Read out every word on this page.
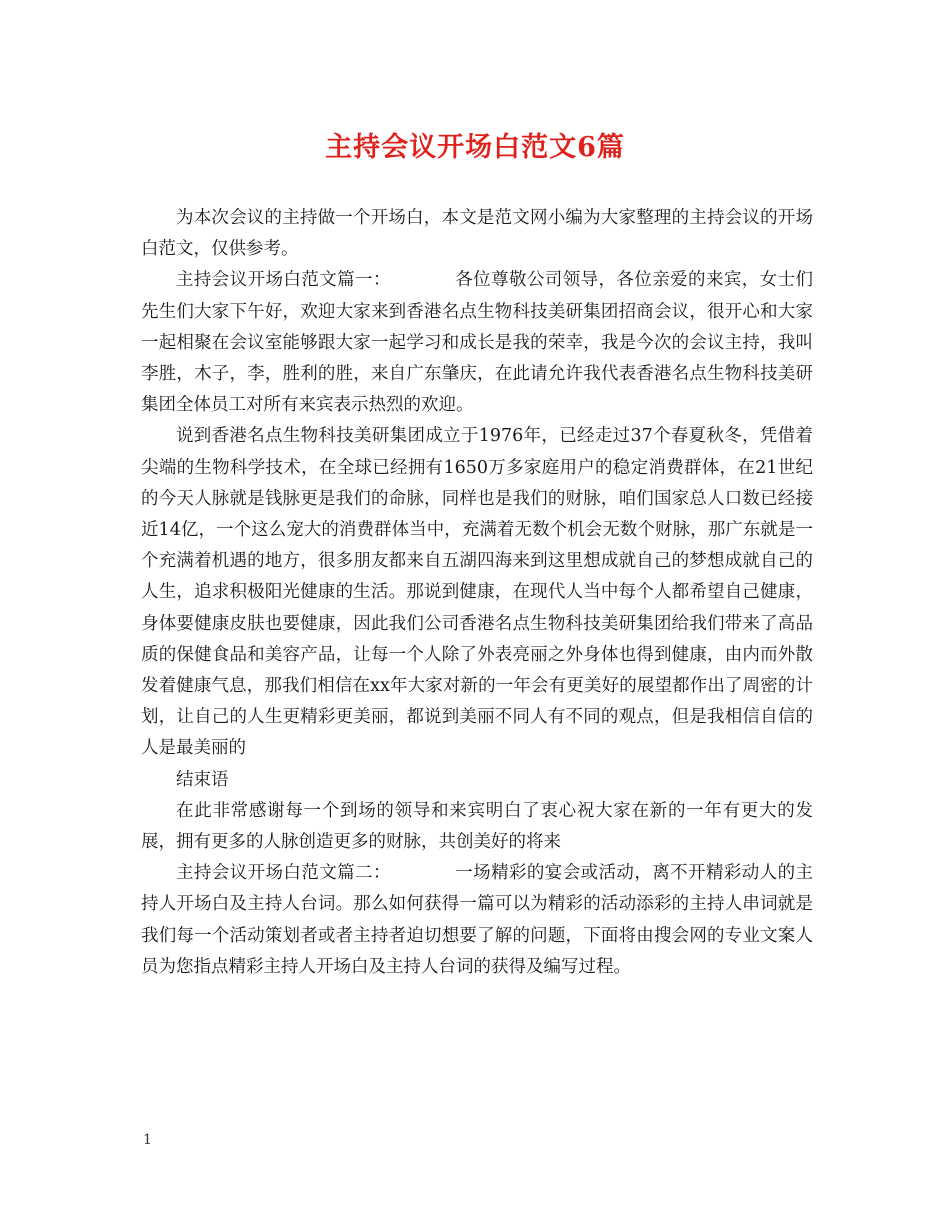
主持会议开场白范文6篇

为本次会议的主持做一个开场白，本文是范文网小编为大家整理的主持会议的开场白范文，仅供参考。

主持会议开场白范文篇一：	各位尊敬公司领导，各位亲爱的来宾，女士们先生们大家下午好，欢迎大家来到香港名点生物科技美研集团招商会议，很开心和大家一起相聚在会议室能够跟大家一起学习和成长是我的荣幸，我是今次的会议主持，我叫李胜，木子，李，胜利的胜，来自广东肇庆，在此请允许我代表香港名点生物科技美研集团全体员工对所有来宾表示热烈的欢迎。

说到香港名点生物科技美研集团成立于1976年，已经走过37个春夏秋冬，凭借着尖端的生物科学技术，在全球已经拥有1650万多家庭用户的稳定消费群体，在21世纪的今天人脉就是钱脉更是我们的命脉，同样也是我们的财脉，咱们国家总人口数已经接近14亿，一个这么宠大的消费群体当中，充满着无数个机会无数个财脉，那广东就是一个充满着机遇的地方，很多朋友都来自五湖四海来到这里想成就自己的梦想成就自己的人生，追求积极阳光健康的生活。那说到健康，在现代人当中每个人都希望自己健康，身体要健康皮肤也要健康，因此我们公司香港名点生物科技美研集团给我们带来了高品质的保健食品和美容产品，让每一个人除了外表亮丽之外身体也得到健康，由内而外散发着健康气息，那我们相信在xx年大家对新的一年会有更美好的展望都作出了周密的计划，让自己的人生更精彩更美丽，都说到美丽不同人有不同的观点，但是我相信自信的人是最美丽的

结束语

在此非常感谢每一个到场的领导和来宾明白了衷心祝大家在新的一年有更大的发展，拥有更多的人脉创造更多的财脉，共创美好的将来

主持会议开场白范文篇二：	一场精彩的宴会或活动，离不开精彩动人的主持人开场白及主持人台词。那么如何获得一篇可以为精彩的活动添彩的主持人串词就是我们每一个活动策划者或者主持者迫切想要了解的问题，下面将由搜会网的专业文案人员为您指点精彩主持人开场白及主持人台词的获得及编写过程。

1
